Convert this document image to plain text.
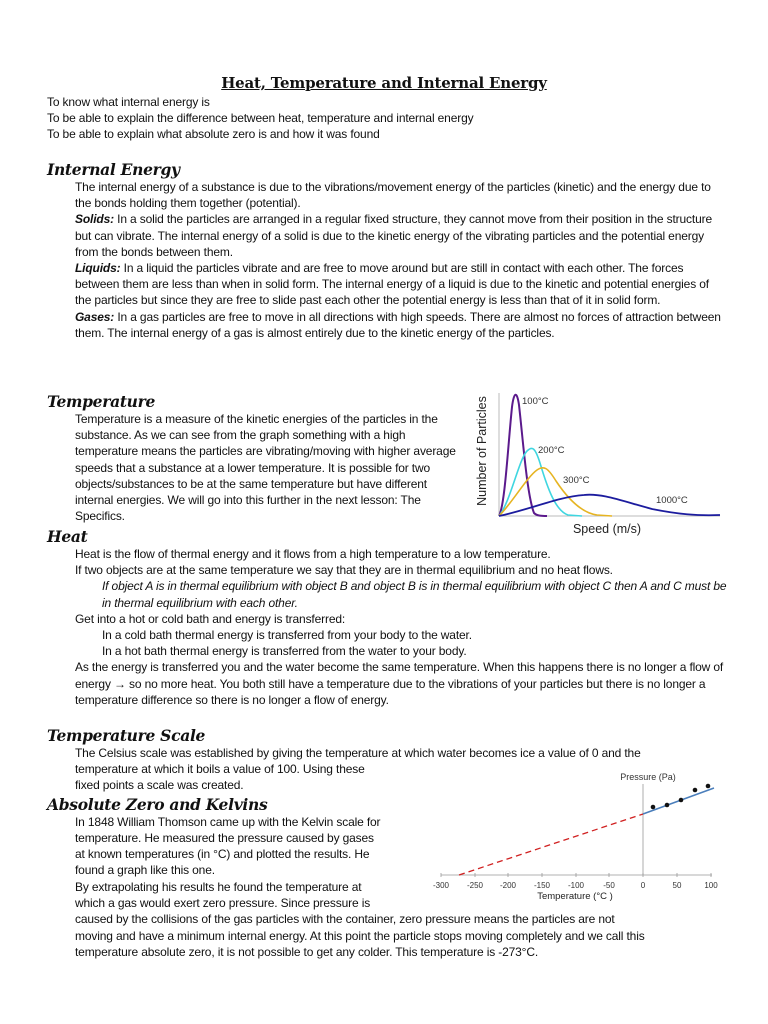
Heat, Temperature and Internal Energy
To know what internal energy is
To be able to explain the difference between heat, temperature and internal energy
To be able to explain what absolute zero is and how it was found
Internal Energy
The internal energy of a substance is due to the vibrations/movement energy of the particles (kinetic) and the energy due to the bonds holding them together (potential).
Solids: In a solid the particles are arranged in a regular fixed structure, they cannot move from their position in the structure but can vibrate. The internal energy of a solid is due to the kinetic energy of the vibrating particles and the potential energy from the bonds between them.
Liquids: In a liquid the particles vibrate and are free to move around but are still in contact with each other. The forces between them are less than when in solid form. The internal energy of a liquid is due to the kinetic and potential energies of the particles but since they are free to slide past each other the potential energy is less than that of it in solid form.
Gases: In a gas particles are free to move in all directions with high speeds. There are almost no forces of attraction between them. The internal energy of a gas is almost entirely due to the kinetic energy of the particles.
Temperature
Temperature is a measure of the kinetic energies of the particles in the substance. As we can see from the graph something with a high temperature means the particles are vibrating/moving with higher average speeds that a substance at a lower temperature. It is possible for two objects/substances to be at the same temperature but have different internal energies. We will go into this further in the next lesson: The Specifics.
Number of Particles	100°C
200°C
300°C
1000°C
Speed (m/s)
Heat
Heat is the flow of thermal energy and it flows from a high temperature to a low temperature.
If two objects are at the same temperature we say that they are in thermal equilibrium and no heat flows.
If object A is in thermal equilibrium with object B and object B is in thermal equilibrium with object C then A and C must be in thermal equilibrium with each other.
Get into a hot or cold bath and energy is transferred:
In a cold bath thermal energy is transferred from your body to the water.
In a hot bath thermal energy is transferred from the water to your body.
As the energy is transferred you and the water become the same temperature. When this happens there is no longer a flow of energy → so no more heat. You both still have a temperature due to the vibrations of your particles but there is no longer a temperature difference so there is no longer a flow of energy.
Temperature Scale
The Celsius scale was established by giving the temperature at which water becomes ice a value of 0 and the
temperature at which it boils a value of 100. Using these
fixed points a scale was created.
Absolute Zero and Kelvins
In 1848 William Thomson came up with the Kelvin scale for
temperature. He measured the pressure caused by gases
at known temperatures (in °C) and plotted the results. He
found a graph like this one.
By extrapolating his results he found the temperature at
which a gas would exert zero pressure. Since pressure is
caused by the collisions of the gas particles with the container, zero pressure means the particles are not
moving and have a minimum internal energy. At this point the particle stops moving completely and we call this
temperature absolute zero, it is not possible to get any colder. This temperature is -273°C.
Pressure (Pa)
-300 -250 -200 -150 -100 -50	0	50	100
Temperature (°C )
